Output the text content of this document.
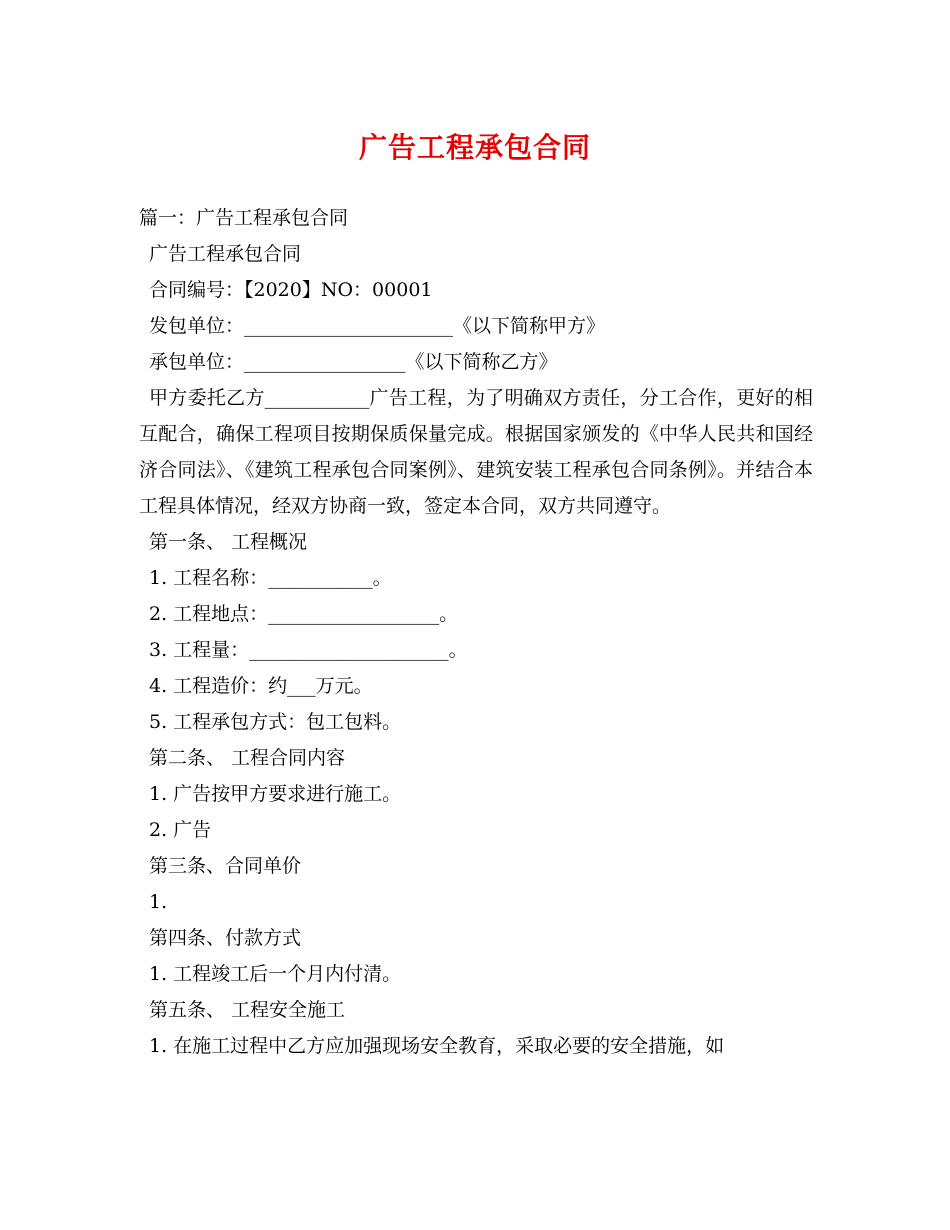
广告工程承包合同
篇一：广告工程承包合同
广告工程承包合同
合同编号：【2020】NO：00001
发包单位：______________________《以下简称甲方》
承包单位：_________________《以下简称乙方》
甲方委托乙方___________广告工程，为了明确双方责任，分工合作，更好的相互配合，确保工程项目按期保质保量完成。根据国家颁发的《中华人民共和国经济合同法》、《建筑工程承包合同案例》、建筑安装工程承包合同条例》。并结合本工程具体情况，经双方协商一致，签定本合同，双方共同遵守。
第一条、 工程概况
1. 工程名称：___________。
2. 工程地点：__________________。
3. 工程量：_____________________。
4. 工程造价：约___万元。
5. 工程承包方式：包工包料。
第二条、 工程合同内容
1. 广告按甲方要求进行施工。
2. 广告
第三条、合同单价
1.
第四条、付款方式
1. 工程竣工后一个月内付清。
第五条、 工程安全施工
1. 在施工过程中乙方应加强现场安全教育，采取必要的安全措施，如
